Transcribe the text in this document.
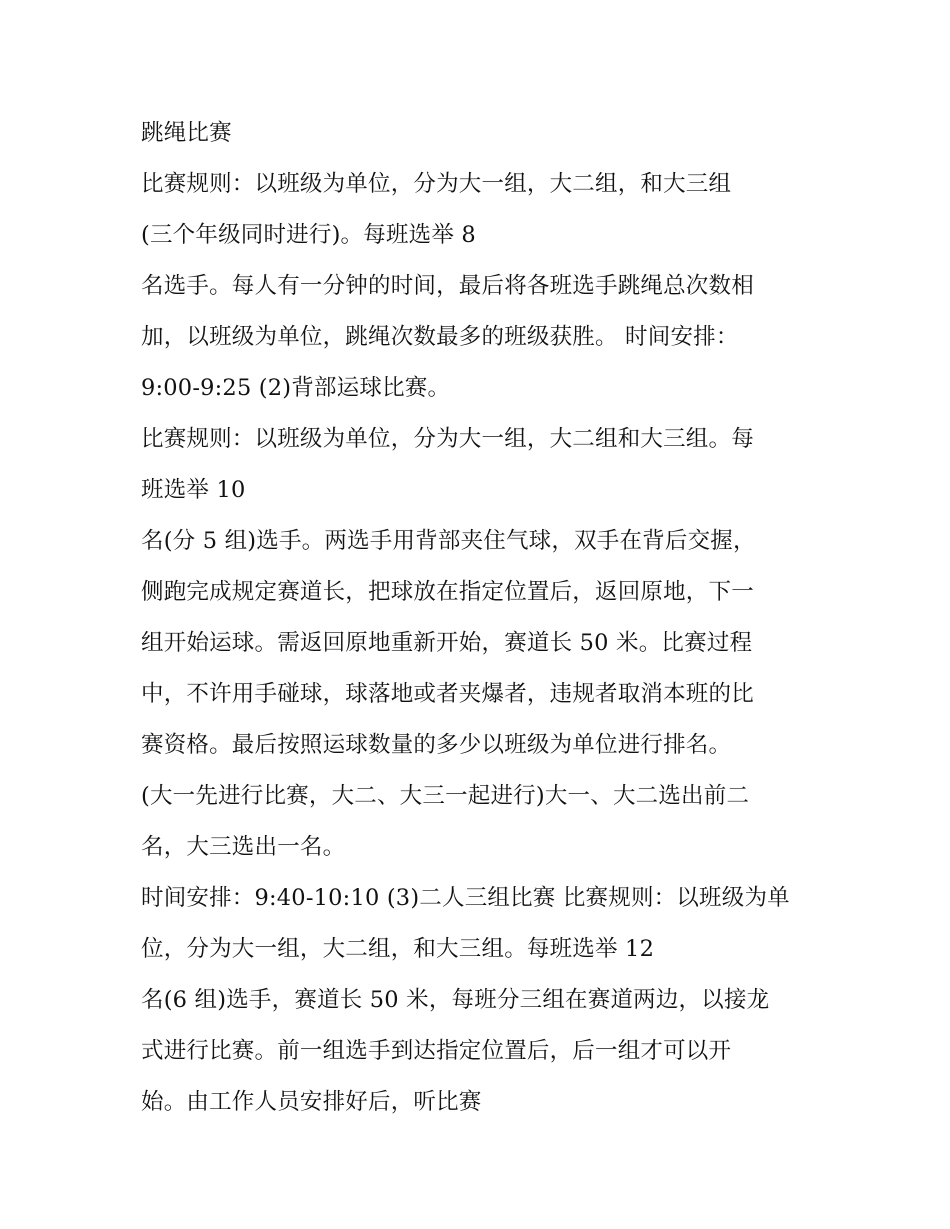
跳绳比赛
比赛规则：以班级为单位，分为大一组，大二组，和大三组
(三个年级同时进行)。每班选举 8
名选手。每人有一分钟的时间，最后将各班选手跳绳总次数相
加，以班级为单位，跳绳次数最多的班级获胜。 时间安排：
9:00-9:25 (2)背部运球比赛。
比赛规则：以班级为单位，分为大一组，大二组和大三组。每
班选举 10
名(分 5 组)选手。两选手用背部夹住气球，双手在背后交握，
侧跑完成规定赛道长，把球放在指定位置后，返回原地，下一
组开始运球。需返回原地重新开始，赛道长 50 米。比赛过程
中，不许用手碰球，球落地或者夹爆者，违规者取消本班的比
赛资格。最后按照运球数量的多少以班级为单位进行排名。
(大一先进行比赛，大二、大三一起进行)大一、大二选出前二
名，大三选出一名。
时间安排：9:40-10:10 (3)二人三组比赛 比赛规则：以班级为单
位，分为大一组，大二组，和大三组。每班选举 12
名(6 组)选手，赛道长 50 米，每班分三组在赛道两边，以接龙
式进行比赛。前一组选手到达指定位置后，后一组才可以开
始。由工作人员安排好后，听比赛
